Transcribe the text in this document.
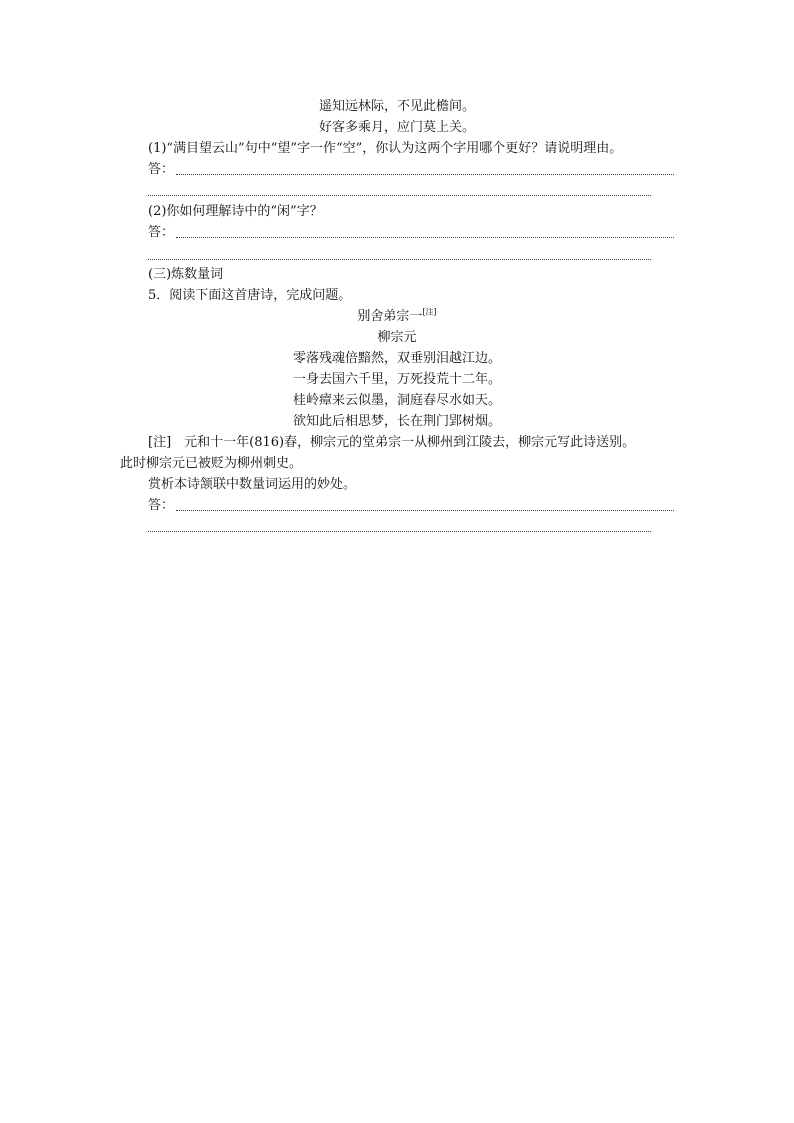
遥知远林际，不见此檐间。
好客多乘月，应门莫上关。
(1)“满目望云山”句中“望”字一作“空”，你认为这两个字用哪个更好？请说明理由。
答：
(2)你如何理解诗中的“闲”字？
答：
(三)炼数量词
5．阅读下面这首唐诗，完成问题。
别舍弟宗一[注]
柳宗元
零落残魂倍黯然，双垂别泪越江边。
一身去国六千里，万死投荒十二年。
桂岭瘴来云似墨，洞庭春尽水如天。
欲知此后相思梦，长在荆门郢树烟。
[注]　元和十一年(816)春，柳宗元的堂弟宗一从柳州到江陵去，柳宗元写此诗送别。
此时柳宗元已被贬为柳州刺史。
赏析本诗颔联中数量词运用的妙处。
答：
